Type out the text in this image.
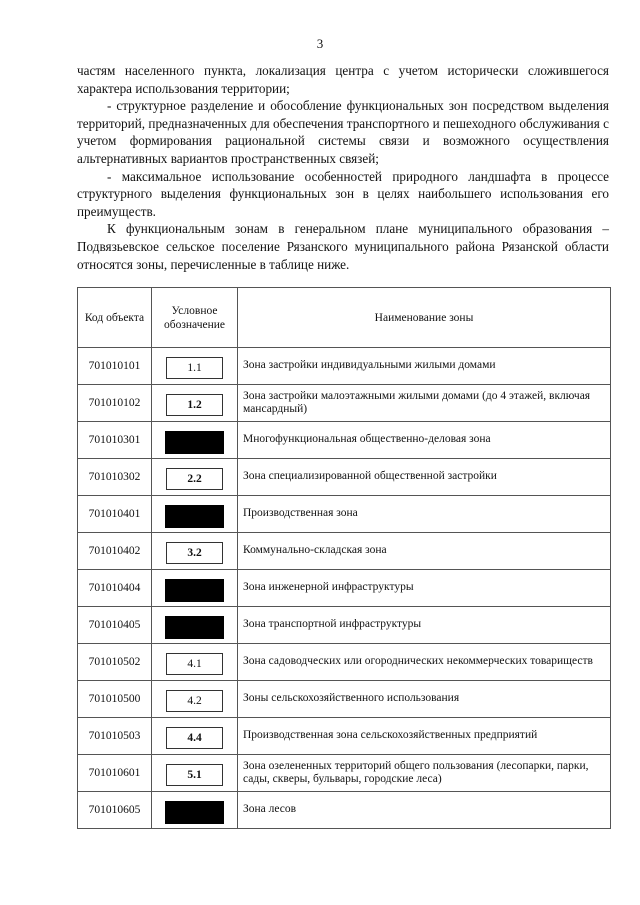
3

частям населенного пункта, локализация центра с учетом исторически сложившегося характера использования территории;

- структурное разделение и обособление функциональных зон посредством выделения территорий, предназначенных для обеспечения транспортного и пешеходного обслуживания с учетом формирования рациональной системы связи и возможного осуществления альтернативных вариантов пространственных связей;

- максимальное использование особенностей природного ландшафта в процессе структурного выделения функциональных зон в целях наибольшего использования его преимуществ.

К функциональным зонам в генеральном плане муниципального образования – Подвязьевское сельское поселение Рязанского муниципального района Рязанской области относятся зоны, перечисленные в таблице ниже.

Код объекта	Условное обозначение	Наименование зоны
701010101	1.1	Зона застройки индивидуальными жилыми домами
701010102	1.2	Зона застройки малоэтажными жилыми домами (до 4 этажей, включая мансардный)
701010301		Многофункциональная общественно-деловая зона
701010302	2.2	Зона специализированной общественной застройки
701010401		Производственная зона
701010402	3.2	Коммунально-складская зона
701010404		Зона инженерной инфраструктуры
701010405		Зона транспортной инфраструктуры
701010502	4.1	Зона садоводческих или огороднических некоммерческих товариществ
701010500	4.2	Зоны сельскохозяйственного использования
701010503	4.4	Производственная зона сельскохозяйственных предприятий
701010601	5.1	Зона озелененных территорий общего пользования (лесопарки, парки, сады, скверы, бульвары, городские леса)
701010605		Зона лесов
